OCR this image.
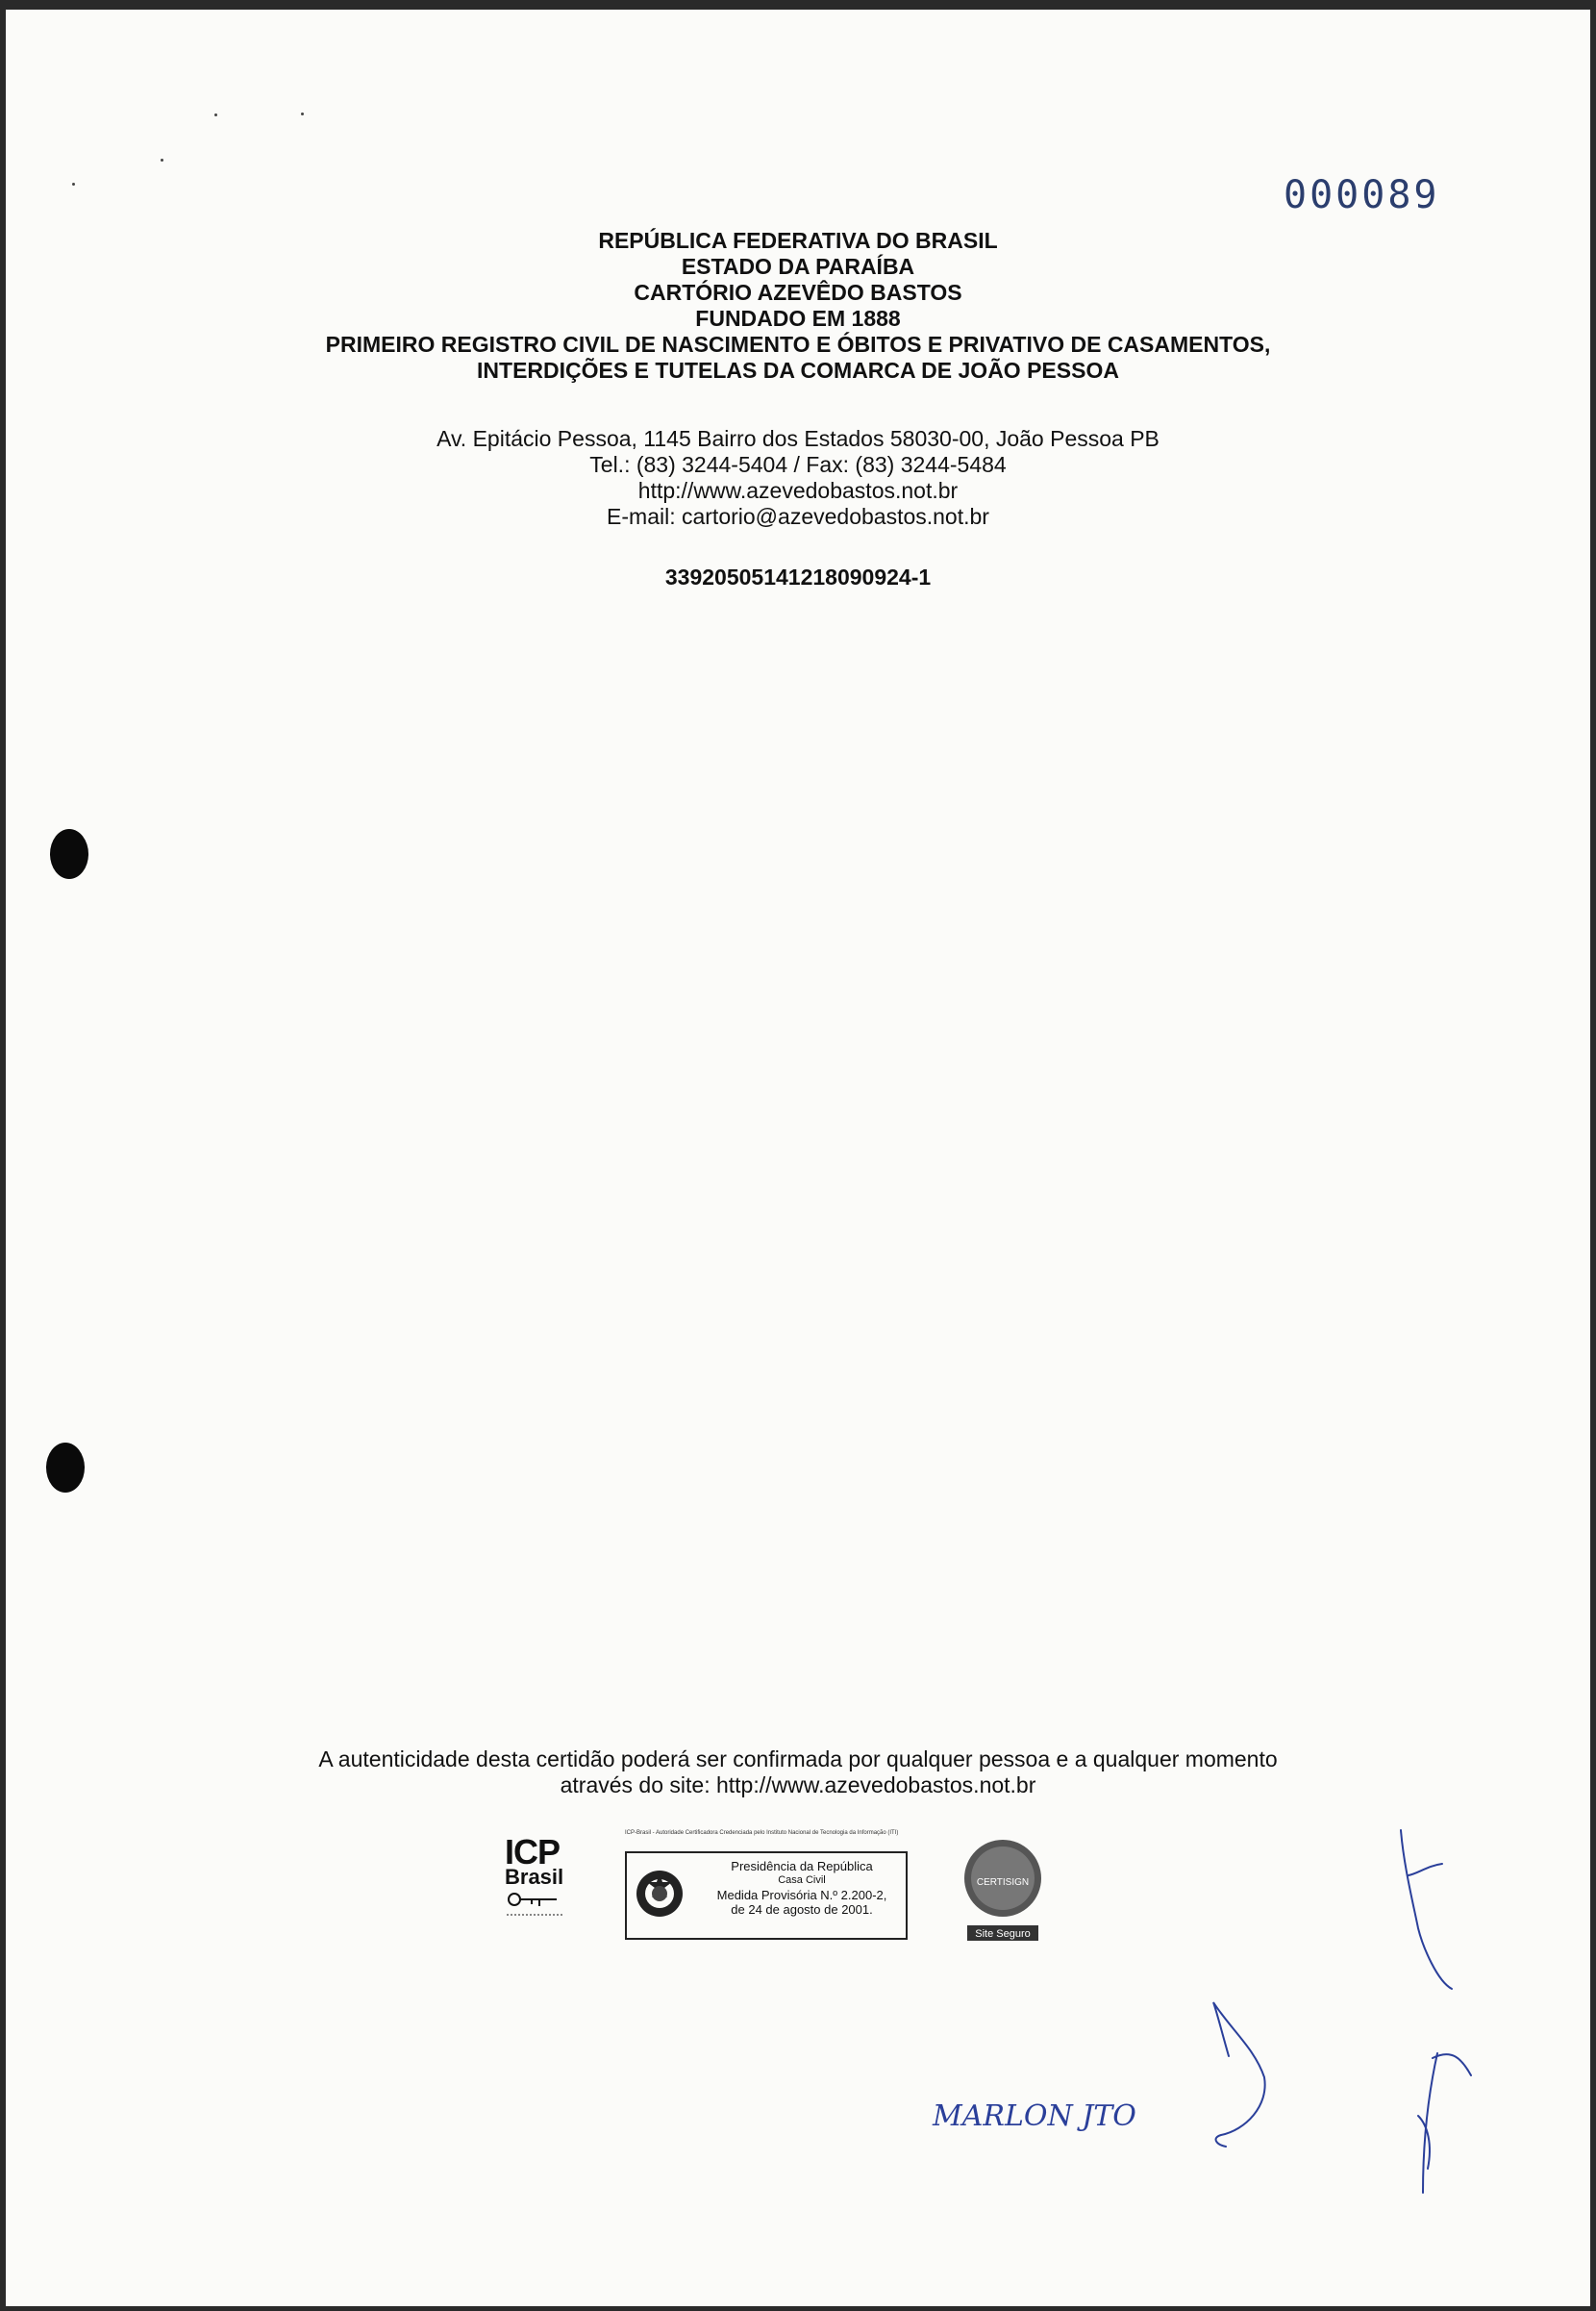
000089
REPÚBLICA FEDERATIVA DO BRASIL
ESTADO DA PARAÍBA
CARTÓRIO AZEVÊDO BASTOS
FUNDADO EM 1888
PRIMEIRO REGISTRO CIVIL DE NASCIMENTO E ÓBITOS E PRIVATIVO DE CASAMENTOS,
INTERDIÇÕES E TUTELAS DA COMARCA DE JOÃO PESSOA
Av. Epitácio Pessoa, 1145 Bairro dos Estados 58030-00, João Pessoa PB
Tel.: (83) 3244-5404 / Fax: (83) 3244-5484
http://www.azevedobastos.not.br
E-mail: cartorio@azevedobastos.not.br
33920505141218090924-1
A autenticidade desta certidão poderá ser confirmada por qualquer pessoa e a qualquer momento
através do site: http://www.azevedobastos.not.br
ICP
Brasil
ICP-Brasil - Autoridade Certificadora Credenciada pelo Instituto Nacional de Tecnologia da Informação (ITI)
Presidência da República
Casa Civil
Medida Provisória N.º 2.200-2,
de 24 de agosto de 2001.
CERTISIGN
Site Seguro
MARLON JTO
